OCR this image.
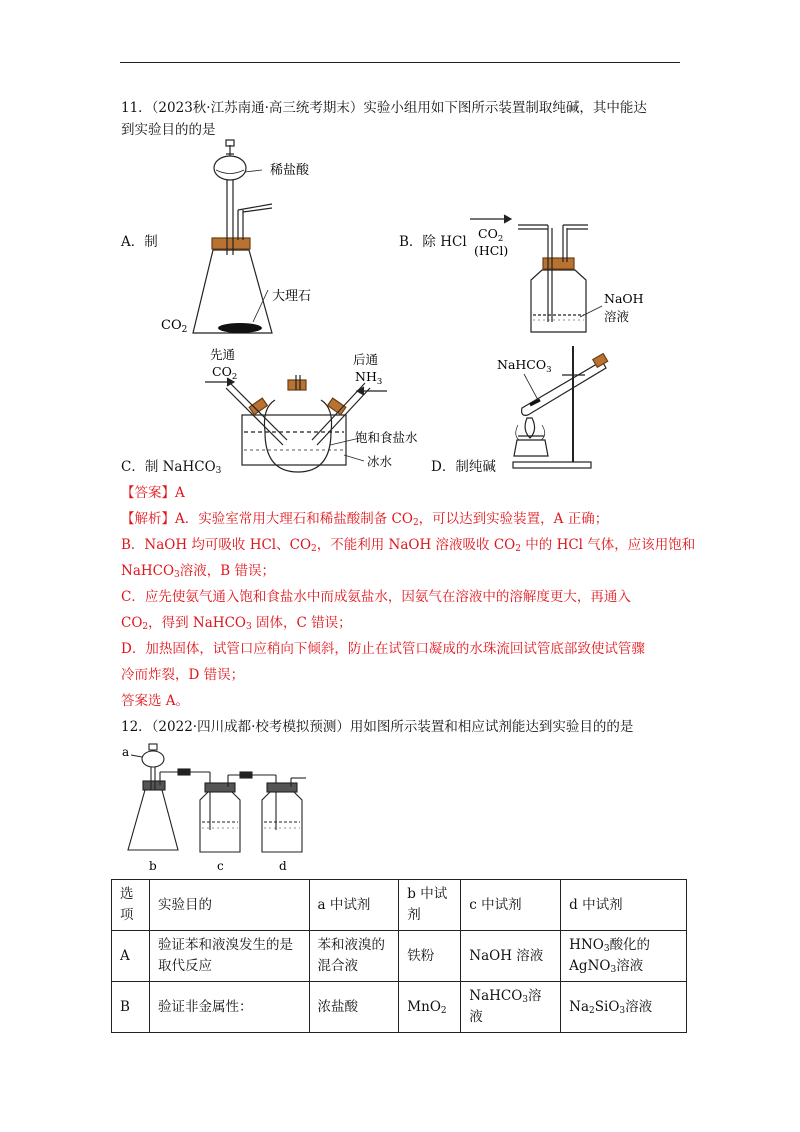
11．（2023秋·江苏南通·高三统考期末）实验小组用如下图所示装置制取纯碱，其中能达
到实验目的的是
A．制	B．除 HCl
C．制 NaHCO$_3$	D．制纯碱
稀盐酸
大理石
$CO_2$
$CO_2$
(HCl)
NaOH
溶液
先通
$CO_2$
后通
$NH_3$
饱和食盐水
冰水
NaHCO$_3$
【答案】A
【解析】A．实验室常用大理石和稀盐酸制备 $CO_2$，可以达到实验装置，A 正确；
B．NaOH 均可吸收 HCl、$CO_2$，不能利用 NaOH 溶液吸收 $CO_2$ 中的 HCl 气体，应该用饱和
NaHCO$_3$溶液，B 错误；
C．应先使氨气通入饱和食盐水中而成氨盐水，因氨气在溶液中的溶解度更大，再通入
$CO_2$，得到 NaHCO$_3$ 固体，C 错误；
D．加热固体，试管口应稍向下倾斜，防止在试管口凝成的水珠流回试管底部致使试管骤
冷而炸裂，D 错误；
答案选 A。
12．（2022·四川成都·校考模拟预测）用如图所示装置和相应试剂能达到实验目的的是
a
b	c	d
选项	实验目的	a 中试剂	b 中试剂	c 中试剂	d 中试剂
A	验证苯和液溴发生的是取代反应	苯和液溴的混合液	铁粉	NaOH 溶液	$HNO_3$酸化的
AgNO$_3$溶液
B	验证非金属性：	浓盐酸	MnO$_2$	NaHCO$_3$溶液	$Na_2SiO_3$溶液
